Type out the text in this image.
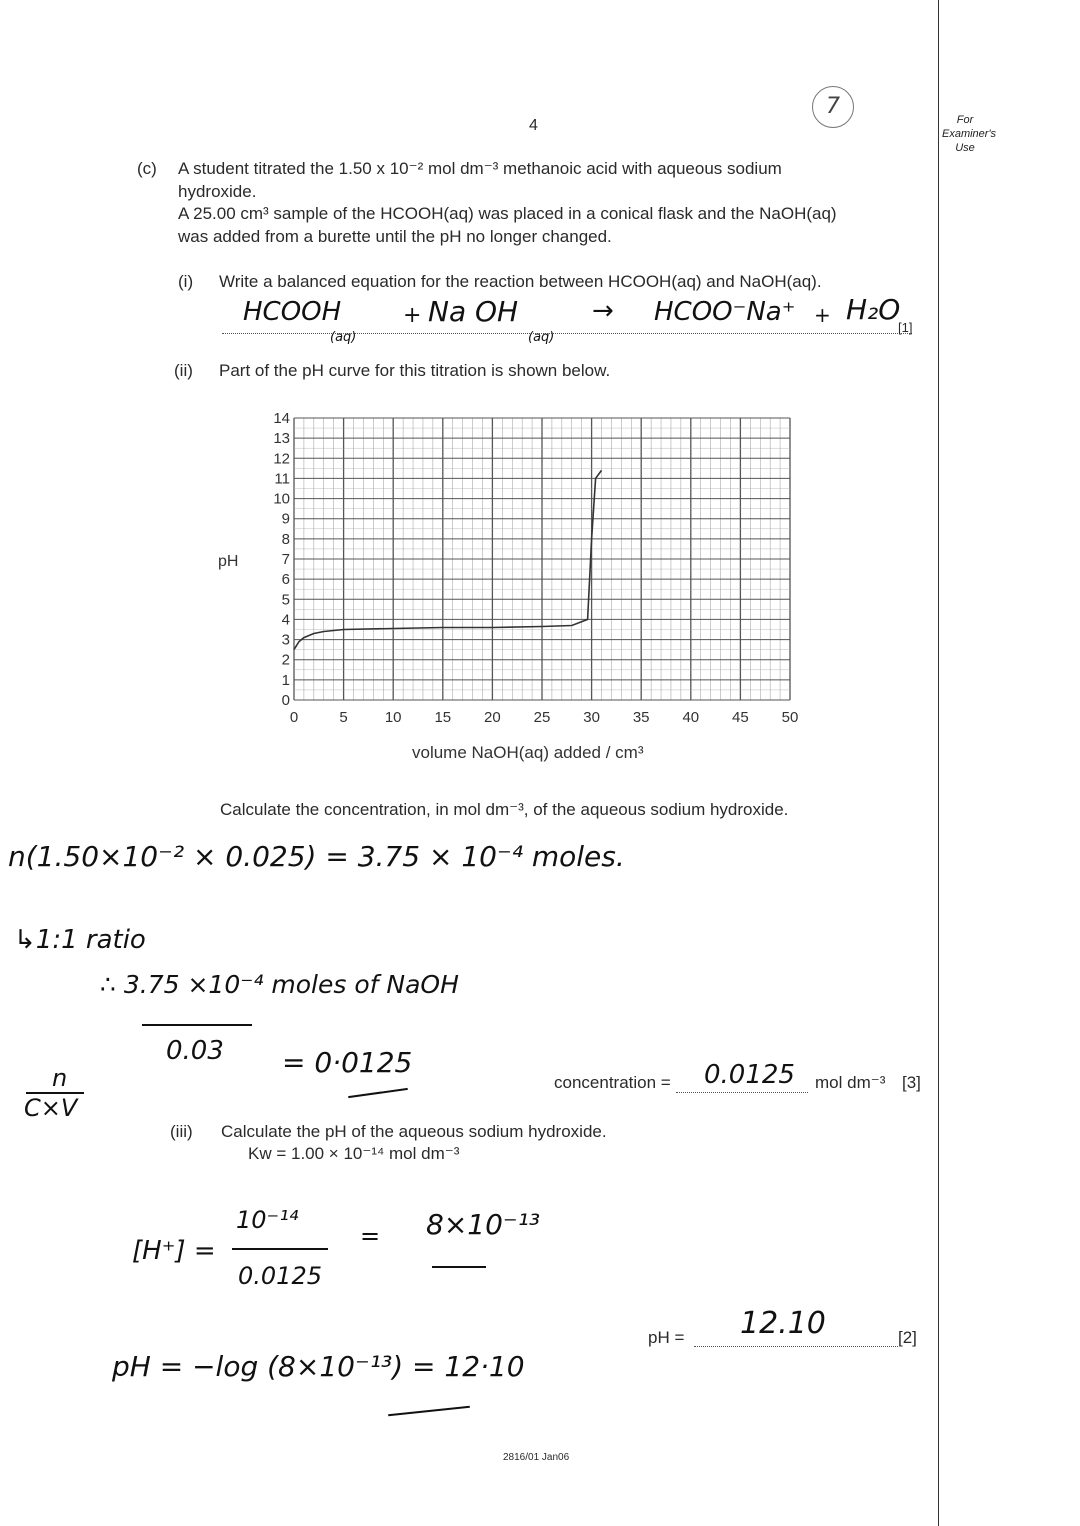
4
7
For
Examiner's
Use
(c) A student titrated the 1.50 x 10⁻² mol dm⁻³ methanoic acid with aqueous sodium
hydroxide.
A 25.00 cm³ sample of the HCOOH(aq) was placed in a conical flask and the NaOH(aq)
was added from a burette until the pH no longer changed.
(i) Write a balanced equation for the reaction between HCOOH(aq) and NaOH(aq).
HCOOH
(aq)
+ Na OH
(aq)
→ HCOO⁻Na⁺ + H₂O
[1]
(ii) Part of the pH curve for this titration is shown below.
0	5 10 15 20 25 30 35 40 45 50
0
1
2
3
4
5
6
7
8
9
10
11
12
13
14
pH
volume NaOH(aq) added / cm³
Calculate the concentration, in mol dm⁻³, of the aqueous sodium hydroxide.
n(1.50×10⁻² × 0.025) = 3.75 × 10⁻⁴ moles.
↳1:1 ratio
∴ 3.75 ×10⁻⁴ moles of NaOH
0.03 = 0·0125
n
C×V
concentration = 0.0125 mol dm⁻³ [3]
(iii) Calculate the pH of the aqueous sodium hydroxide.
Kw = 1.00 × 10⁻¹⁴ mol dm⁻³
[H⁺] =
10⁻¹⁴
0.0125
= 8×10⁻¹³
pH = 12.10	[2]
pH = −log (8×10⁻¹³) = 12·10
2816/01 Jan06
